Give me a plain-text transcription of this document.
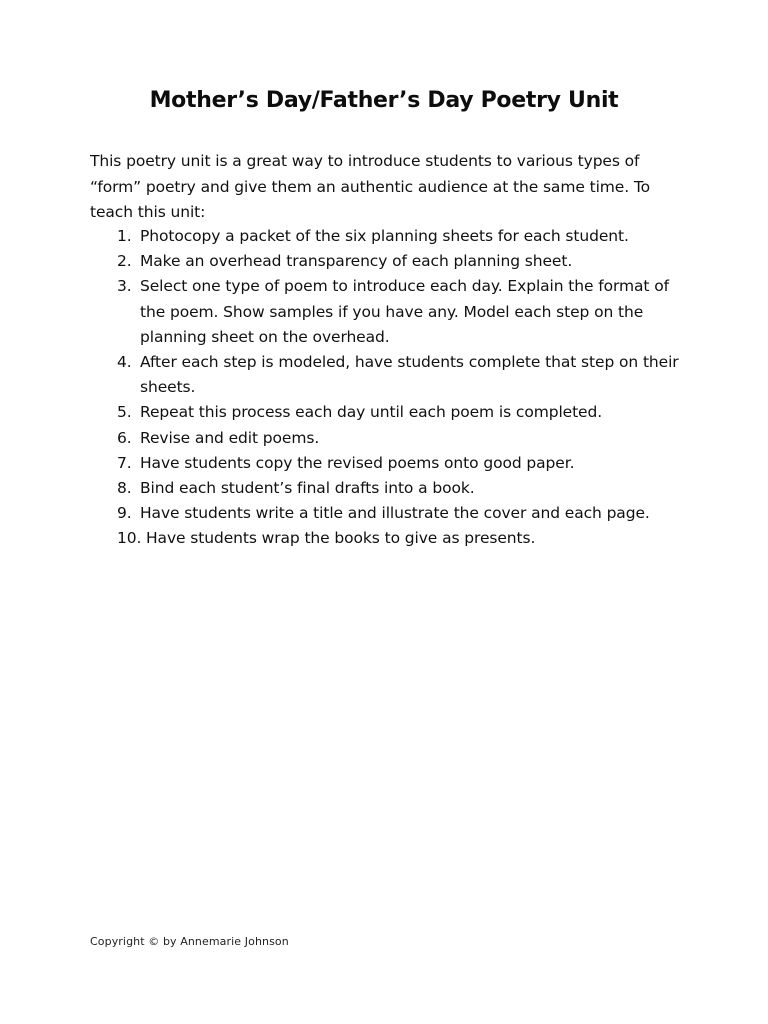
Mother’s Day/Father’s Day Poetry Unit
This poetry unit is a great way to introduce students to various types of “form” poetry and give them an authentic audience at the same time. To teach this unit:
1. Photocopy a packet of the six planning sheets for each student.
2. Make an overhead transparency of each planning sheet.
3. Select one type of poem to introduce each day. Explain the format of the poem. Show samples if you have any. Model each step on the planning sheet on the overhead.
4. After each step is modeled, have students complete that step on their sheets.
5. Repeat this process each day until each poem is completed.
6. Revise and edit poems.
7. Have students copy the revised poems onto good paper.
8. Bind each student’s final drafts into a book.
9. Have students write a title and illustrate the cover and each page.
10. Have students wrap the books to give as presents.
Copyright © by Annemarie Johnson
